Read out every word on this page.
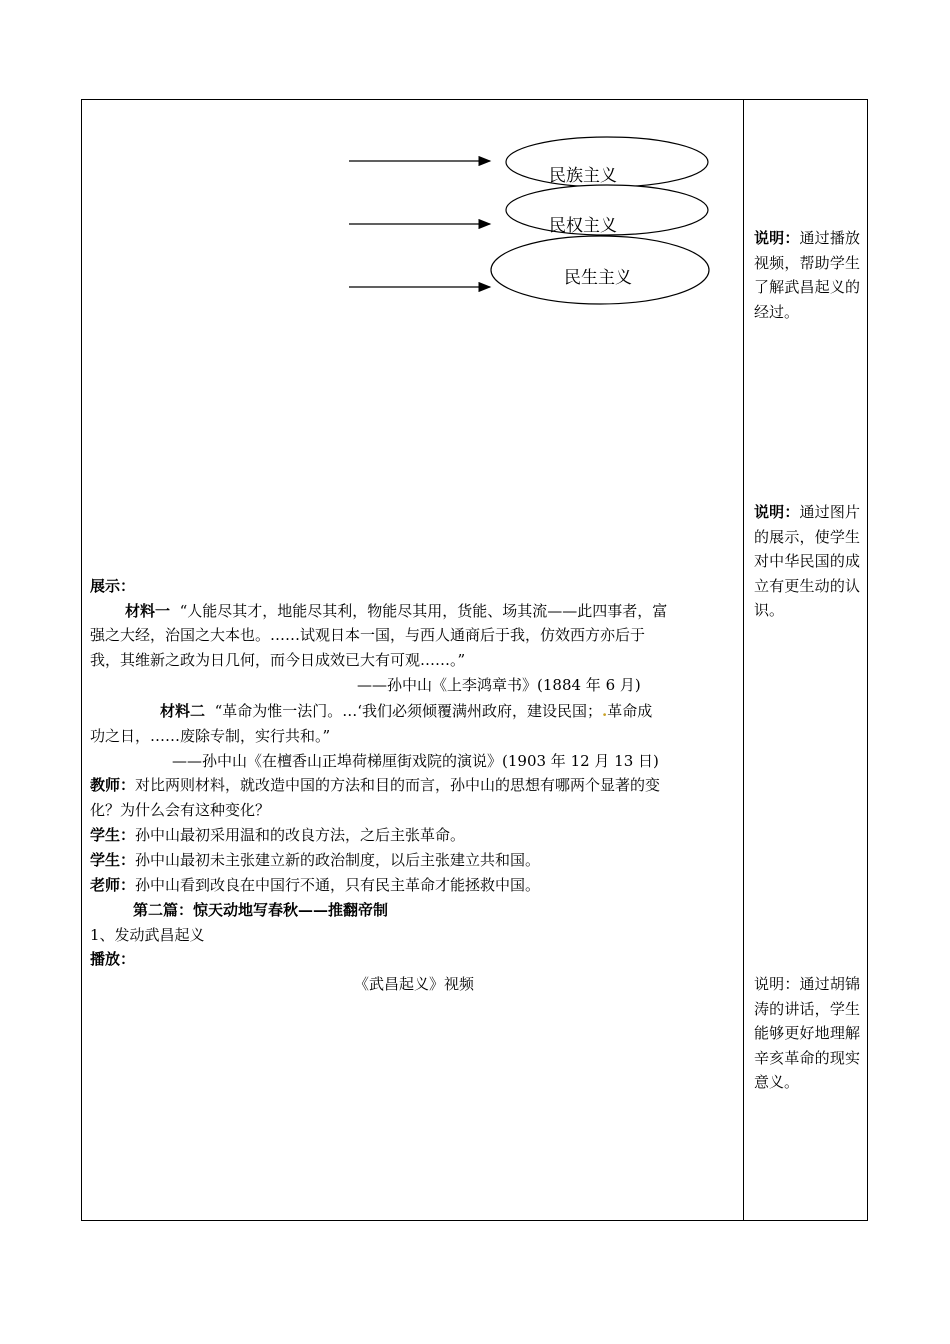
民族主义
民权主义
民生主义
说明：通过播放视频，帮助学生了解武昌起义的经过。
说明：通过图片的展示，使学生对中华民国的成立有更生动的认识。
说明：通过胡锦涛的讲话，学生能够更好地理解辛亥革命的现实意义。
展示：
材料一 “人能尽其才，地能尽其利，物能尽其用，货能、场其流——此四事者，富
强之大经，治国之大本也。……试观日本一国，与西人通商后于我，仿效西方亦后于
我，其维新之政为日几何，而今日成效已大有可观……。”
——孙中山《上李鸿章书》(1884 年 6 月)
材料二 “革命为惟一法门。…‘我们必须倾覆满州政府，建设民国；.革命成
功之日，……废除专制，实行共和。”
——孙中山《在檀香山正埠荷梯厘街戏院的演说》(1903 年 12 月 13 日)
教师：对比两则材料，就改造中国的方法和目的而言，孙中山的思想有哪两个显著的变
化？为什么会有这种变化？
学生：孙中山最初采用温和的改良方法，之后主张革命。
学生：孙中山最初未主张建立新的政治制度，以后主张建立共和国。
老师：孙中山看到改良在中国行不通，只有民主革命才能拯救中国。
第二篇：惊天动地写春秋——推翻帝制
1、发动武昌起义
播放：
《武昌起义》视频
